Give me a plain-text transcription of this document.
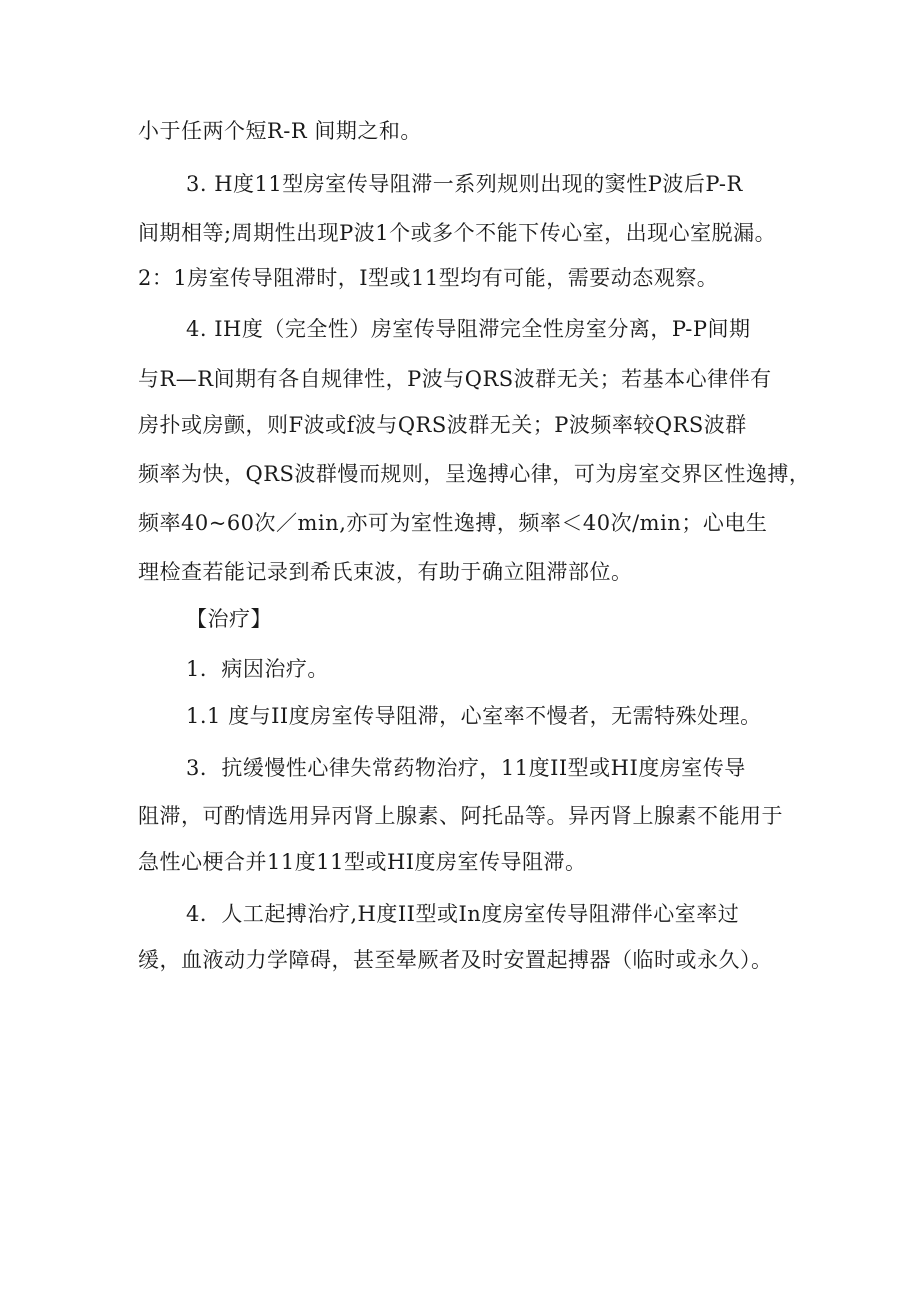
小于任两个短R-R 间期之和。
3. H度11型房室传导阻滞一系列规则出现的窦性P波后P-R
间期相等;周期性出现P波1个或多个不能下传心室，出现心室脱漏。
2：1房室传导阻滞时，I型或11型均有可能，需要动态观察。
4. IH度（完全性）房室传导阻滞完全性房室分离，P-P间期
与R—R间期有各自规律性，P波与QRS波群无关；若基本心律伴有
房扑或房颤，则F波或f波与QRS波群无关；P波频率较QRS波群
频率为快，QRS波群慢而规则，呈逸搏心律，可为房室交界区性逸搏，
频率40~60次／min,亦可为室性逸搏，频率＜40次/min；心电生
理检查若能记录到希氏束波，有助于确立阻滞部位。
【治疗】
1．病因治疗。
1.1 度与II度房室传导阻滞，心室率不慢者，无需特殊处理。
3．抗缓慢性心律失常药物治疗，11度II型或HI度房室传导
阻滞，可酌情选用异丙肾上腺素、阿托品等。异丙肾上腺素不能用于
急性心梗合并11度11型或HI度房室传导阻滞。
4．人工起搏治疗,H度II型或In度房室传导阻滞伴心室率过
缓，血液动力学障碍，甚至晕厥者及时安置起搏器（临时或永久）。
